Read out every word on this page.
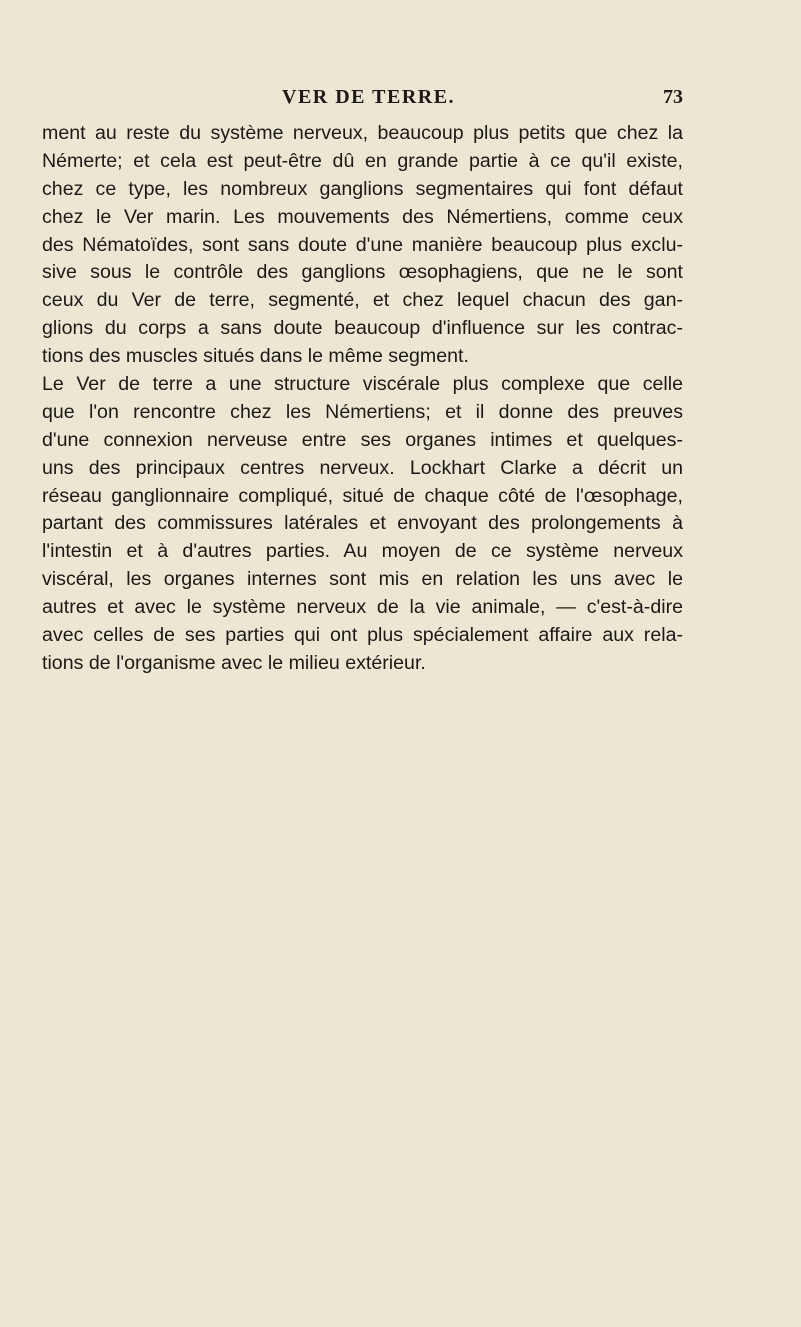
VER DE TERRE.	73
ment au reste du système nerveux, beaucoup plus petits que chez la
Némerte; et cela est peut-être dû en grande partie à ce qu'il existe,
chez ce type, les nombreux ganglions segmentaires qui font défaut
chez le Ver marin. Les mouvements des Némertiens, comme ceux
des Nématoïdes, sont sans doute d'une manière beaucoup plus exclu-
sive sous le contrôle des ganglions œsophagiens, que ne le sont
ceux du Ver de terre, segmenté, et chez lequel chacun des gan-
glions du corps a sans doute beaucoup d'influence sur les contrac-
tions des muscles situés dans le même segment.
Le Ver de terre a une structure viscérale plus complexe que celle
que l'on rencontre chez les Némertiens; et il donne des preuves
d'une connexion nerveuse entre ses organes intimes et quelques-
uns des principaux centres nerveux. Lockhart Clarke a décrit un
réseau ganglionnaire compliqué, situé de chaque côté de l'œsophage,
partant des commissures latérales et envoyant des prolongements à
l'intestin et à d'autres parties. Au moyen de ce système nerveux
viscéral, les organes internes sont mis en relation les uns avec le
autres et avec le système nerveux de la vie animale, — c'est-à-dire
avec celles de ses parties qui ont plus spécialement affaire aux rela-
tions de l'organisme avec le milieu extérieur.
